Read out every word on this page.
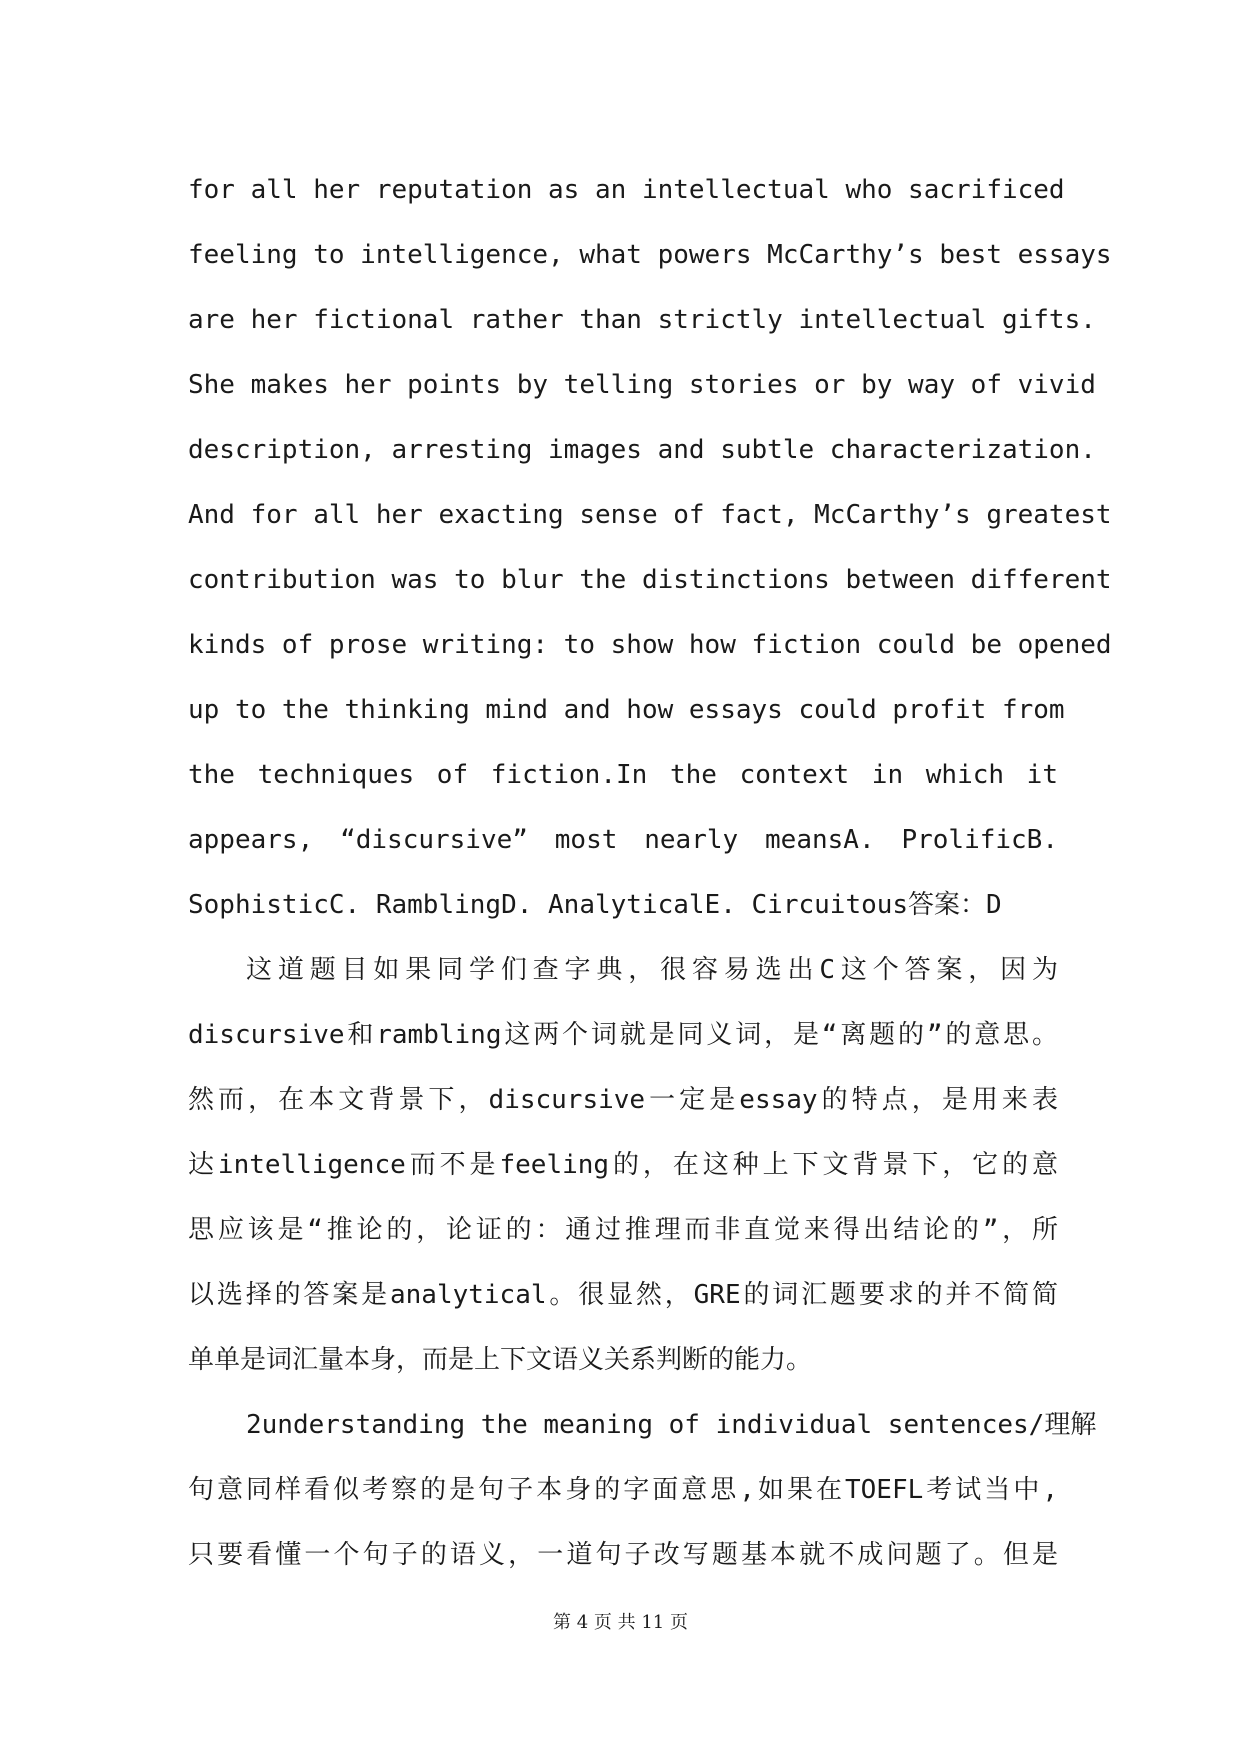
for all her reputation as an intellectual who sacrificed
feeling to intelligence, what powers McCarthy’s best essays
are her fictional rather than strictly intellectual gifts.
She makes her points by telling stories or by way of vivid
description, arresting images and subtle characterization.
And for all her exacting sense of fact, McCarthy’s greatest
contribution was to blur the distinctions between different
kinds of prose writing: to show how fiction could be opened
up to the thinking mind and how essays could profit from
the techniques of fiction.In the context in which it
appears, “discursive” most nearly meansA. ProlificB.
SophisticC. RamblingD. AnalyticalE. Circuitous答案：D
这道题目如果同学们查字典，很容易选出C这个答案，因为
discursive和rambling这两个词就是同义词，是“离题的”的意思。
然而，在本文背景下，discursive一定是essay的特点，是用来表
达intelligence而不是feeling的，在这种上下文背景下，它的意
思应该是“推论的，论证的：通过推理而非直觉来得出结论的”，所
以选择的答案是analytical。很显然，GRE的词汇题要求的并不简简
单单是词汇量本身，而是上下文语义关系判断的能力。
2understanding the meaning of individual sentences/理解
句意同样看似考察的是句子本身的字面意思,如果在TOEFL考试当中,
只要看懂一个句子的语义，一道句子改写题基本就不成问题了。但是
第 4 页 共 11 页
